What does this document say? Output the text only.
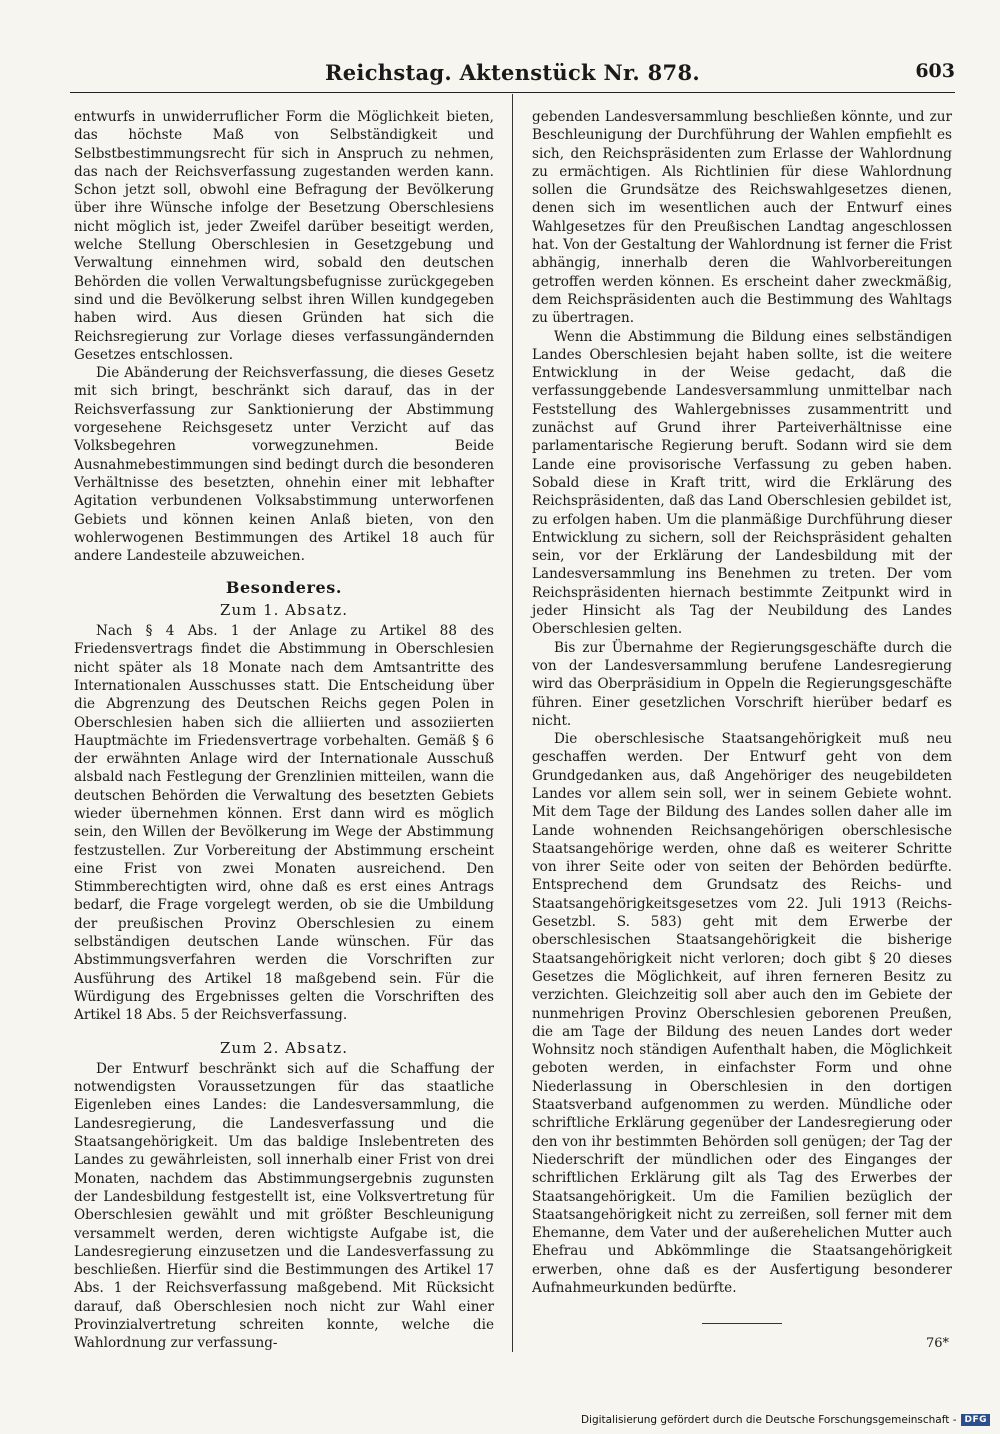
Reichstag. Aktenstück Nr. 878.	603

entwurfs in unwiderruflicher Form die Möglichkeit bieten, das höchste Maß von Selbständigkeit und Selbstbestimmungsrecht für sich in Anspruch zu nehmen, das nach der Reichsverfassung zugestanden werden kann. Schon jetzt soll, obwohl eine Befragung der Bevölkerung über ihre Wünsche infolge der Besetzung Oberschlesiens nicht möglich ist, jeder Zweifel darüber beseitigt werden, welche Stellung Oberschlesien in Gesetzgebung und Verwaltung einnehmen wird, sobald den deutschen Behörden die vollen Verwaltungsbefugnisse zurückgegeben sind und die Bevölkerung selbst ihren Willen kundgegeben haben wird. Aus diesen Gründen hat sich die Reichsregierung zur Vorlage dieses verfassungändernden Gesetzes entschlossen.

Die Abänderung der Reichsverfassung, die dieses Gesetz mit sich bringt, beschränkt sich darauf, das in der Reichsverfassung zur Sanktionierung der Abstimmung vorgesehene Reichsgesetz unter Verzicht auf das Volksbegehren vorwegzunehmen. Beide Ausnahmebestimmungen sind bedingt durch die besonderen Verhältnisse des besetzten, ohnehin einer mit lebhafter Agitation verbundenen Volksabstimmung unterworfenen Gebiets und können keinen Anlaß bieten, von den wohlerwogenen Bestimmungen des Artikel 18 auch für andere Landesteile abzuweichen.

Besonderes.
Zum 1. Absatz.

Nach § 4 Abs. 1 der Anlage zu Artikel 88 des Friedensvertrags findet die Abstimmung in Oberschlesien nicht später als 18 Monate nach dem Amtsantritte des Internationalen Ausschusses statt. Die Entscheidung über die Abgrenzung des Deutschen Reichs gegen Polen in Oberschlesien haben sich die alliierten und assoziierten Hauptmächte im Friedensvertrage vorbehalten. Gemäß § 6 der erwähnten Anlage wird der Internationale Ausschuß alsbald nach Festlegung der Grenzlinien mitteilen, wann die deutschen Behörden die Verwaltung des besetzten Gebiets wieder übernehmen können. Erst dann wird es möglich sein, den Willen der Bevölkerung im Wege der Abstimmung festzustellen. Zur Vorbereitung der Abstimmung erscheint eine Frist von zwei Monaten ausreichend. Den Stimmberechtigten wird, ohne daß es erst eines Antrags bedarf, die Frage vorgelegt werden, ob sie die Umbildung der preußischen Provinz Oberschlesien zu einem selbständigen deutschen Lande wünschen. Für das Abstimmungsverfahren werden die Vorschriften zur Ausführung des Artikel 18 maßgebend sein. Für die Würdigung des Ergebnisses gelten die Vorschriften des Artikel 18 Abs. 5 der Reichsverfassung.

Zum 2. Absatz.

Der Entwurf beschränkt sich auf die Schaffung der notwendigsten Voraussetzungen für das staatliche Eigenleben eines Landes: die Landesversammlung, die Landesregierung, die Landesverfassung und die Staatsangehörigkeit. Um das baldige Inslebentreten des Landes zu gewährleisten, soll innerhalb einer Frist von drei Monaten, nachdem das Abstimmungsergebnis zugunsten der Landesbildung festgestellt ist, eine Volksvertretung für Oberschlesien gewählt und mit größter Beschleunigung versammelt werden, deren wichtigste Aufgabe ist, die Landesregierung einzusetzen und die Landesverfassung zu beschließen. Hierfür sind die Bestimmungen des Artikel 17 Abs. 1 der Reichsverfassung maßgebend. Mit Rücksicht darauf, daß Oberschlesien noch nicht zur Wahl einer Provinzialvertretung schreiten konnte, welche die Wahlordnung zur verfassung-

gebenden Landesversammlung beschließen könnte, und zur Beschleunigung der Durchführung der Wahlen empfiehlt es sich, den Reichspräsidenten zum Erlasse der Wahlordnung zu ermächtigen. Als Richtlinien für diese Wahlordnung sollen die Grundsätze des Reichswahlgesetzes dienen, denen sich im wesentlichen auch der Entwurf eines Wahlgesetzes für den Preußischen Landtag angeschlossen hat. Von der Gestaltung der Wahlordnung ist ferner die Frist abhängig, innerhalb deren die Wahlvorbereitungen getroffen werden können. Es erscheint daher zweckmäßig, dem Reichspräsidenten auch die Bestimmung des Wahltags zu übertragen.

Wenn die Abstimmung die Bildung eines selbständigen Landes Oberschlesien bejaht haben sollte, ist die weitere Entwicklung in der Weise gedacht, daß die verfassunggebende Landesversammlung unmittelbar nach Feststellung des Wahlergebnisses zusammentritt und zunächst auf Grund ihrer Parteiverhältnisse eine parlamentarische Regierung beruft. Sodann wird sie dem Lande eine provisorische Verfassung zu geben haben. Sobald diese in Kraft tritt, wird die Erklärung des Reichspräsidenten, daß das Land Oberschlesien gebildet ist, zu erfolgen haben. Um die planmäßige Durchführung dieser Entwicklung zu sichern, soll der Reichspräsident gehalten sein, vor der Erklärung der Landesbildung mit der Landesversammlung ins Benehmen zu treten. Der vom Reichspräsidenten hiernach bestimmte Zeitpunkt wird in jeder Hinsicht als Tag der Neubildung des Landes Oberschlesien gelten.

Bis zur Übernahme der Regierungsgeschäfte durch die von der Landesversammlung berufene Landesregierung wird das Oberpräsidium in Oppeln die Regierungsgeschäfte führen. Einer gesetzlichen Vorschrift hierüber bedarf es nicht.

Die oberschlesische Staatsangehörigkeit muß neu geschaffen werden. Der Entwurf geht von dem Grundgedanken aus, daß Angehöriger des neugebildeten Landes vor allem sein soll, wer in seinem Gebiete wohnt. Mit dem Tage der Bildung des Landes sollen daher alle im Lande wohnenden Reichsangehörigen oberschlesische Staatsangehörige werden, ohne daß es weiterer Schritte von ihrer Seite oder von seiten der Behörden bedürfte. Entsprechend dem Grundsatz des Reichs- und Staatsangehörigkeitsgesetzes vom 22. Juli 1913 (Reichs-Gesetzbl. S. 583) geht mit dem Erwerbe der oberschlesischen Staatsangehörigkeit die bisherige Staatsangehörigkeit nicht verloren; doch gibt § 20 dieses Gesetzes die Möglichkeit, auf ihren ferneren Besitz zu verzichten. Gleichzeitig soll aber auch den im Gebiete der nunmehrigen Provinz Oberschlesien geborenen Preußen, die am Tage der Bildung des neuen Landes dort weder Wohnsitz noch ständigen Aufenthalt haben, die Möglichkeit geboten werden, in einfachster Form und ohne Niederlassung in Oberschlesien in den dortigen Staatsverband aufgenommen zu werden. Mündliche oder schriftliche Erklärung gegenüber der Landesregierung oder den von ihr bestimmten Behörden soll genügen; der Tag der Niederschrift der mündlichen oder des Einganges der schriftlichen Erklärung gilt als Tag des Erwerbes der Staatsangehörigkeit. Um die Familien bezüglich der Staatsangehörigkeit nicht zu zerreißen, soll ferner mit dem Ehemanne, dem Vater und der außerehelichen Mutter auch Ehefrau und Abkömmlinge die Staatsangehörigkeit erwerben, ohne daß es der Ausfertigung besonderer Aufnahmeurkunden bedürfte.

76*
Digitalisierung gefördert durch die Deutsche Forschungsgemeinschaft - DFG
